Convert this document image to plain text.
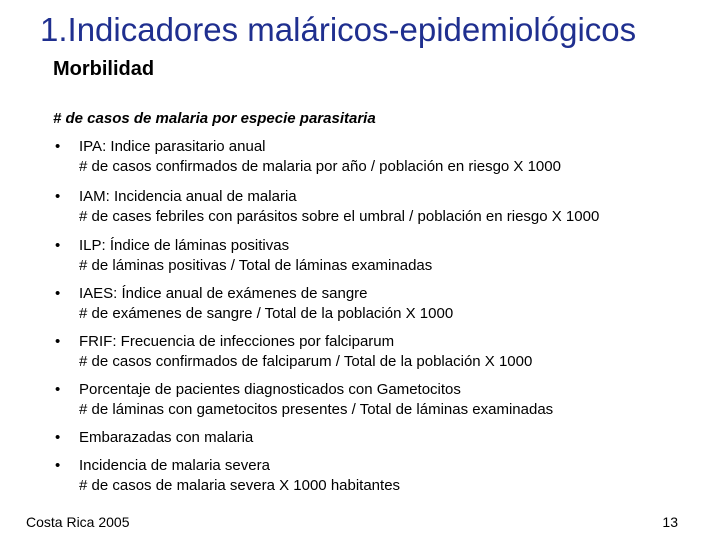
1.Indicadores maláricos-epidemiológicos
Morbilidad
# de casos de malaria por especie parasitaria
• IPA: Indice parasitario anual
# de casos confirmados de malaria por año / población en riesgo X 1000
• IAM: Incidencia anual de malaria
# de cases febriles con parásitos sobre el umbral / población en riesgo X 1000
• ILP: Índice de láminas positivas
# de láminas positivas / Total de láminas examinadas
• IAES: Índice anual de exámenes de sangre
# de exámenes de sangre / Total de la población X 1000
• FRIF: Frecuencia de infecciones por falciparum
# de casos confirmados de falciparum / Total de la población X 1000
• Porcentaje de pacientes diagnosticados con Gametocitos
# de láminas con gametocitos presentes / Total de láminas examinadas
• Embarazadas con malaria
• Incidencia de malaria severa
# de casos de malaria severa X 1000 habitantes
Costa Rica 2005	13
